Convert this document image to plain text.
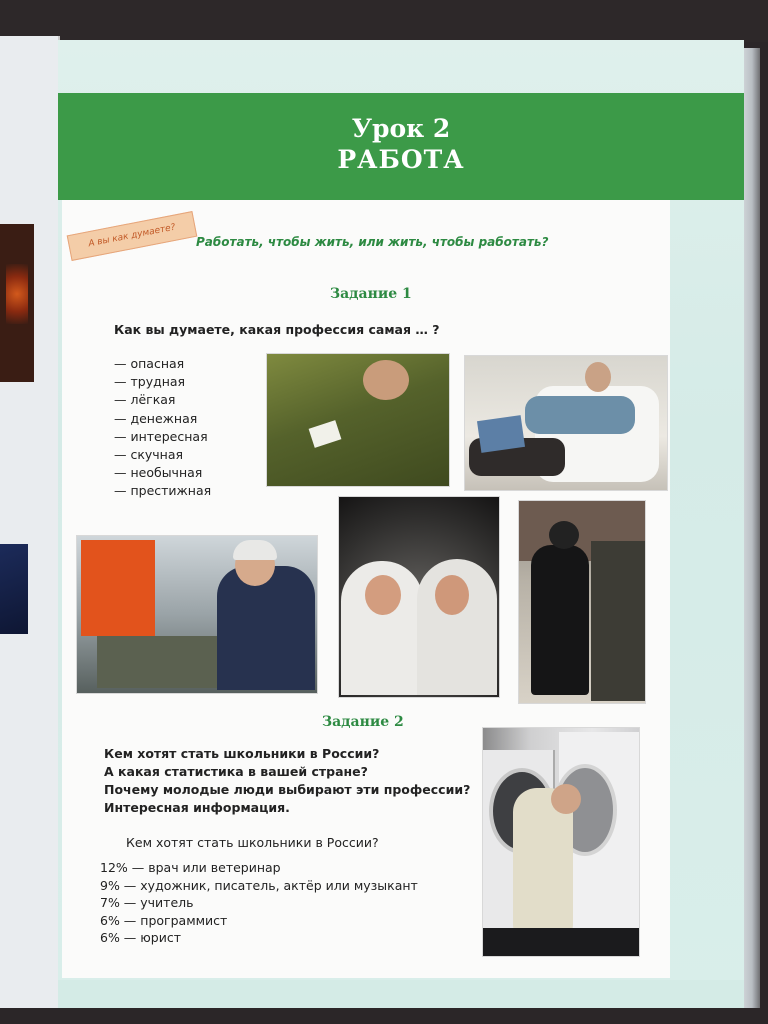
Урок 2
РАБОТА
А вы как думаете?	Работать, чтобы жить, или жить, чтобы работать?
Задание 1
Как вы думаете, какая профессия самая … ?
— опасная
— трудная
— лёгкая
— денежная
— интересная
— скучная
— необычная
— престижная
Задание 2
Кем хотят стать школьники в России?
А какая статистика в вашей стране?
Почему молодые люди выбирают эти профессии?
Интересная информация.
Кем хотят стать школьники в России?
12% — врач или ветеринар
9% — художник, писатель, актёр или музыкант
7% — учитель
6% — программист
6% — юрист
